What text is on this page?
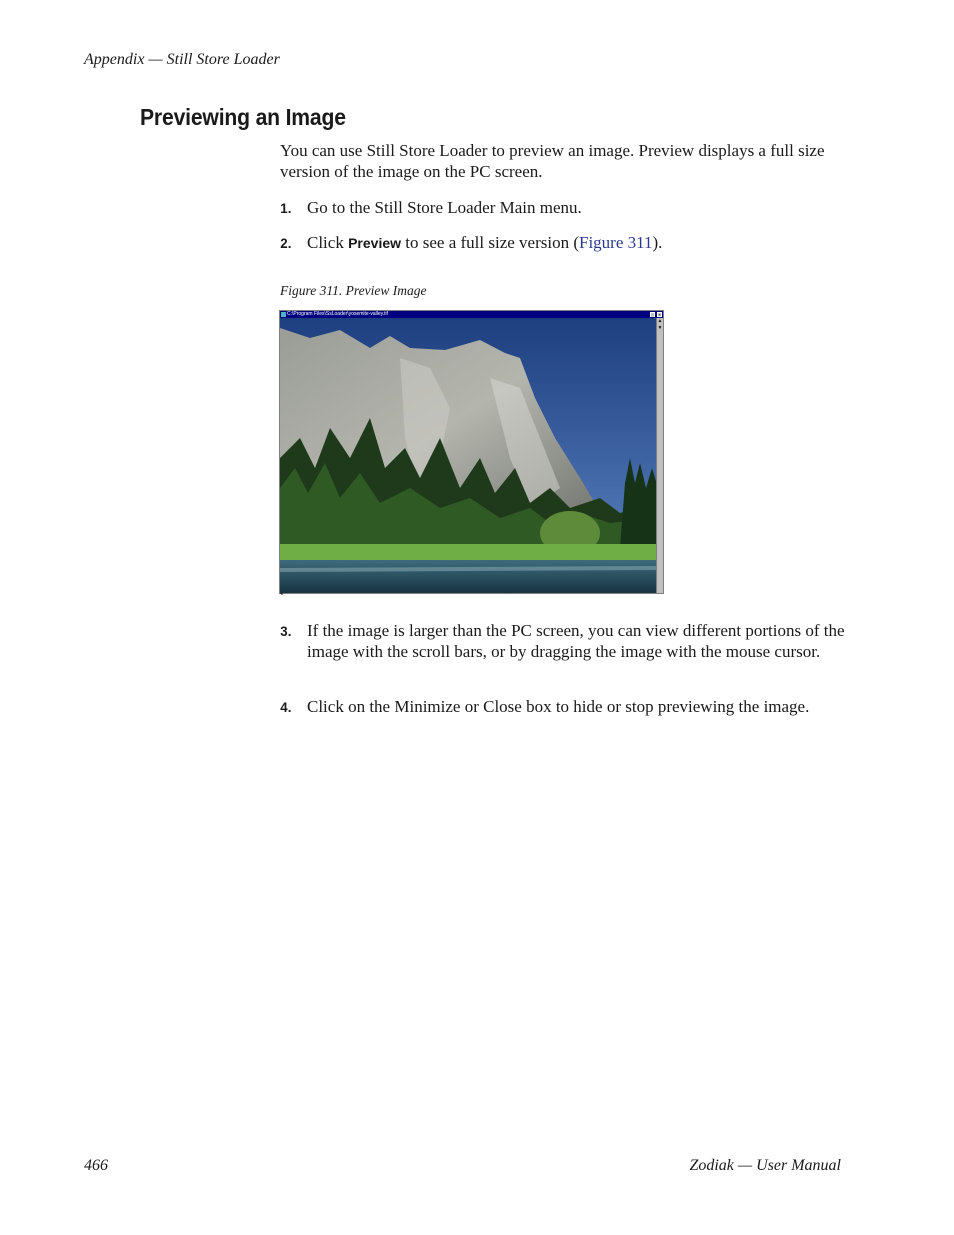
Appendix — Still Store Loader
Previewing an Image
You can use Still Store Loader to preview an image. Preview displays a full size version of the image on the PC screen.
1. Go to the Still Store Loader Main menu.
2. Click Preview to see a full size version (Figure 311).
Figure 311. Preview Image
C:\Program Files\SsLoader\yosemite-valley.tif	_	×
▲
▼
◂
3. If the image is larger than the PC screen, you can view different portions of the image with the scroll bars, or by dragging the image with the mouse cursor.
4. Click on the Minimize or Close box to hide or stop previewing the image.
466	Zodiak — User Manual
